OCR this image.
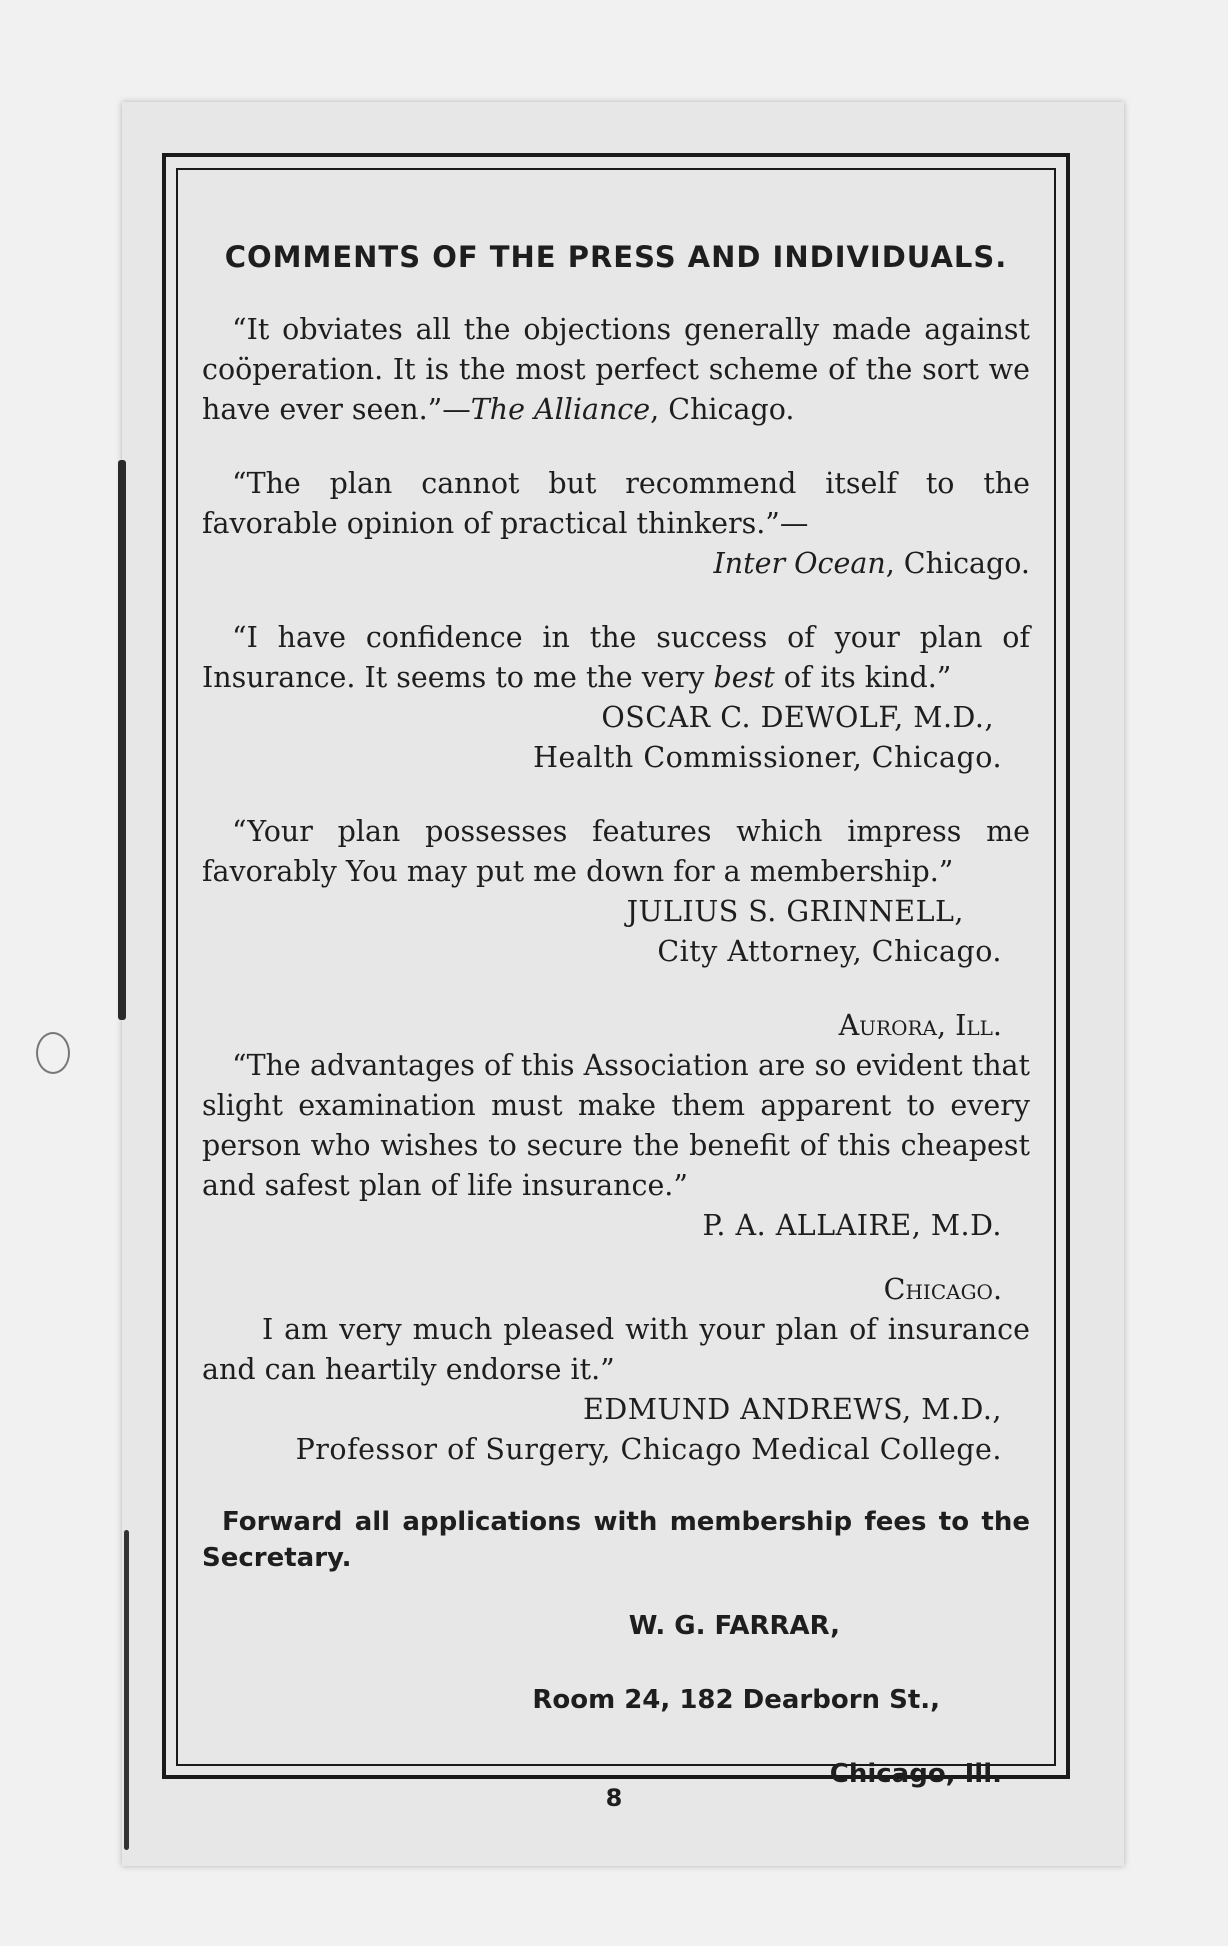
COMMENTS OF THE PRESS AND INDIVIDUALS.

“It obviates all the objections generally made against coöperation. It is the most perfect scheme of the sort we have ever seen.”—The Alliance, Chicago.

“The plan cannot but recommend itself to the favorable opinion of practical thinkers.”—

Inter Ocean, Chicago.

“I have confidence in the success of your plan of Insurance. It seems to me the very best of its kind.”

OSCAR C. DEWOLF, M.D.,

Health Commissioner, Chicago.

“Your plan possesses features which impress me favorably You may put me down for a membership.”

JULIUS S. GRINNELL,

City Attorney, Chicago.

Aurora, Ill.

“The advantages of this Association are so evident that slight examination must make them apparent to every person who wishes to secure the benefit of this cheapest and safest plan of life insurance.”

P. A. ALLAIRE, M.D.

Chicago.

I am very much pleased with your plan of insurance and can heartily endorse it.”

EDMUND ANDREWS, M.D.,

Professor of Surgery, Chicago Medical College.

Forward all applications with membership fees to the Secretary.

W. G. FARRAR,

Room 24, 182 Dearborn St.,

Chicago, Ill.

8
